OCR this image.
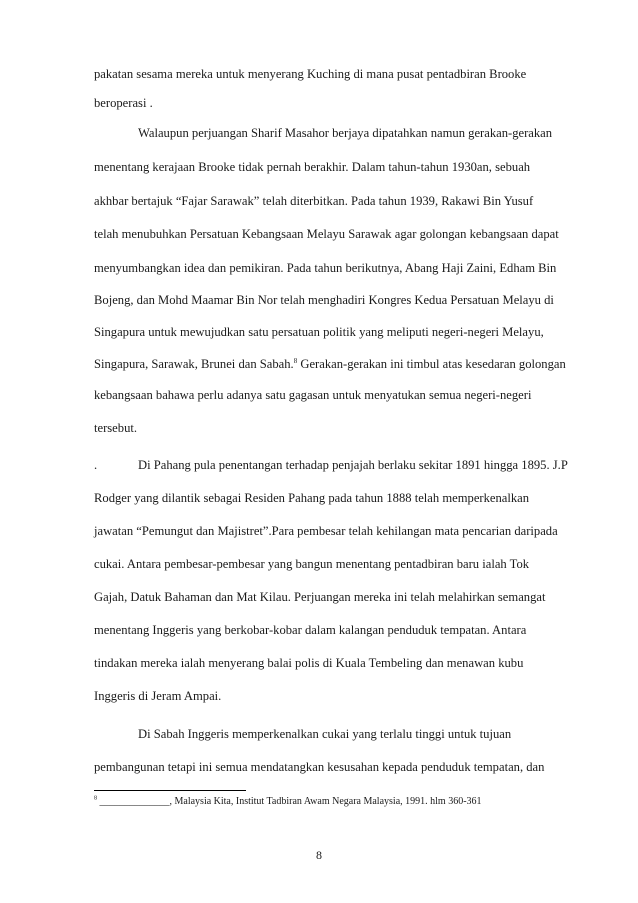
pakatan sesama mereka untuk menyerang Kuching di mana pusat pentadbiran Brooke
beroperasi .
Walaupun perjuangan Sharif Masahor berjaya dipatahkan namun gerakan-gerakan
menentang kerajaan Brooke tidak pernah berakhir. Dalam tahun-tahun 1930an, sebuah
akhbar bertajuk “Fajar Sarawak” telah diterbitkan. Pada tahun 1939, Rakawi Bin Yusuf
telah menubuhkan Persatuan Kebangsaan Melayu Sarawak agar golongan kebangsaan dapat
menyumbangkan idea dan pemikiran. Pada tahun berikutnya, Abang Haji Zaini, Edham Bin
Bojeng, dan Mohd Maamar Bin Nor telah menghadiri Kongres Kedua Persatuan Melayu di
Singapura untuk mewujudkan satu persatuan politik yang meliputi negeri-negeri Melayu,
Singapura, Sarawak, Brunei dan Sabah.$^8$ Gerakan-gerakan ini timbul atas kesedaran golongan
kebangsaan bahawa perlu adanya satu gagasan untuk menyatukan semua negeri-negeri
tersebut.
.	Di Pahang pula penentangan terhadap penjajah berlaku sekitar 1891 hingga 1895. J.P
Rodger yang dilantik sebagai Residen Pahang pada tahun 1888 telah memperkenalkan
jawatan “Pemungut dan Majistret”.Para pembesar telah kehilangan mata pencarian daripada
cukai. Antara pembesar-pembesar yang bangun menentang pentadbiran baru ialah Tok
Gajah, Datuk Bahaman dan Mat Kilau. Perjuangan mereka ini telah melahirkan semangat
menentang Inggeris yang berkobar-kobar dalam kalangan penduduk tempatan. Antara
tindakan mereka ialah menyerang balai polis di Kuala Tembeling dan menawan kubu
Inggeris di Jeram Ampai.
Di Sabah Inggeris memperkenalkan cukai yang terlalu tinggi untuk tujuan
$^8$ ______________, Malaysia Kita, Institut Tadbiran Awam Negara Malaysia, 1991. hlm 360-361
8
pembangunan tetapi ini semua mendatangkan kesusahan kepada penduduk tempatan, dan
